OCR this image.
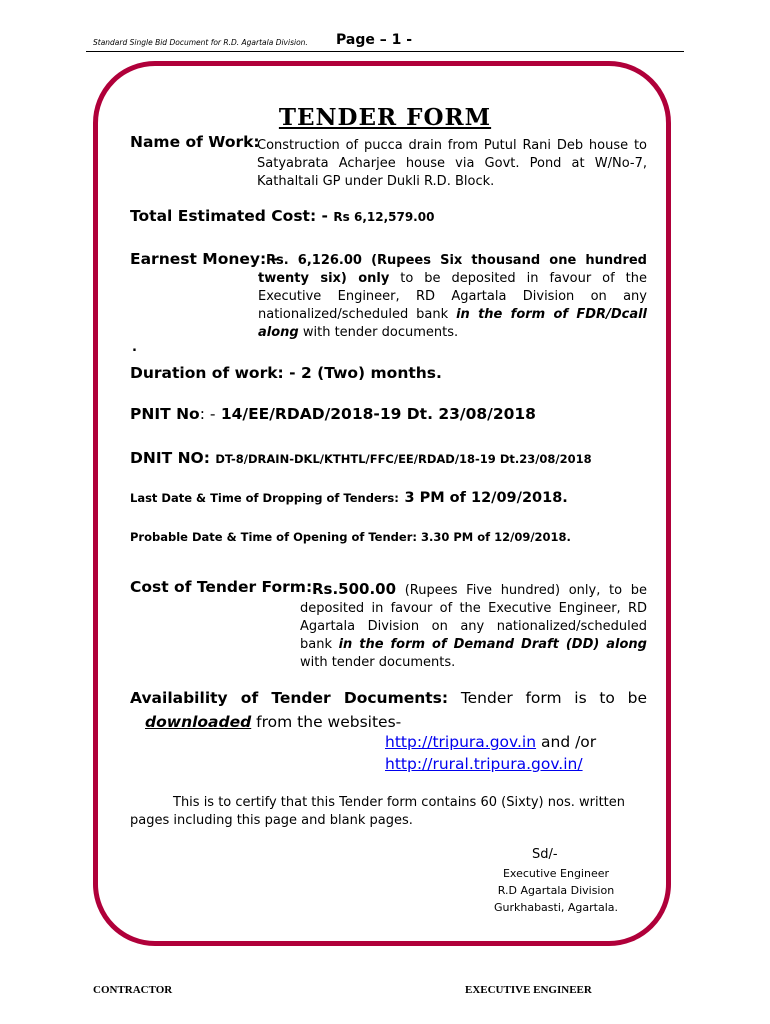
Standard Single Bid Document for R.D. Agartala Division. Page – 1 -
TENDER FORM
Name of Work:
Construction of pucca drain from Putul Rani Deb house to Satyabrata Acharjee house via Govt. Pond at W/No-7, Kathaltali GP under Dukli R.D. Block.
Total Estimated Cost: - Rs 6,12,579.00
Earnest Money: -
Rs. 6,126.00 (Rupees Six thousand one hundred twenty six) only to be deposited in favour of the Executive Engineer, RD Agartala Division on any nationalized/scheduled bank in the form of FDR/Dcall along with tender documents.
.
Duration of work: - 2 (Two) months.
PNIT No: - 14/EE/RDAD/2018-19 Dt. 23/08/2018
DNIT NO: DT-8/DRAIN-DKL/KTHTL/FFC/EE/RDAD/18-19 Dt.23/08/2018
Last Date & Time of Dropping of Tenders: 3 PM of 12/09/2018.
Probable Date & Time of Opening of Tender: 3.30 PM of 12/09/2018.
Cost of Tender Form: Rs.500.00 (Rupees Five hundred) only, to be deposited in favour of the Executive Engineer, RD Agartala Division on any nationalized/scheduled bank in the form of Demand Draft (DD) along with tender documents.
Availability of Tender Documents: Tender form is to be
downloaded from the websites-
http://tripura.gov.in and /or
http://rural.tripura.gov.in/
This is to certify that this Tender form contains 60 (Sixty) nos. written pages including this page and blank pages.
Sd/-
Executive Engineer
R.D Agartala Division
Gurkhabasti, Agartala.
CONTRACTOR	EXECUTIVE ENGINEER
